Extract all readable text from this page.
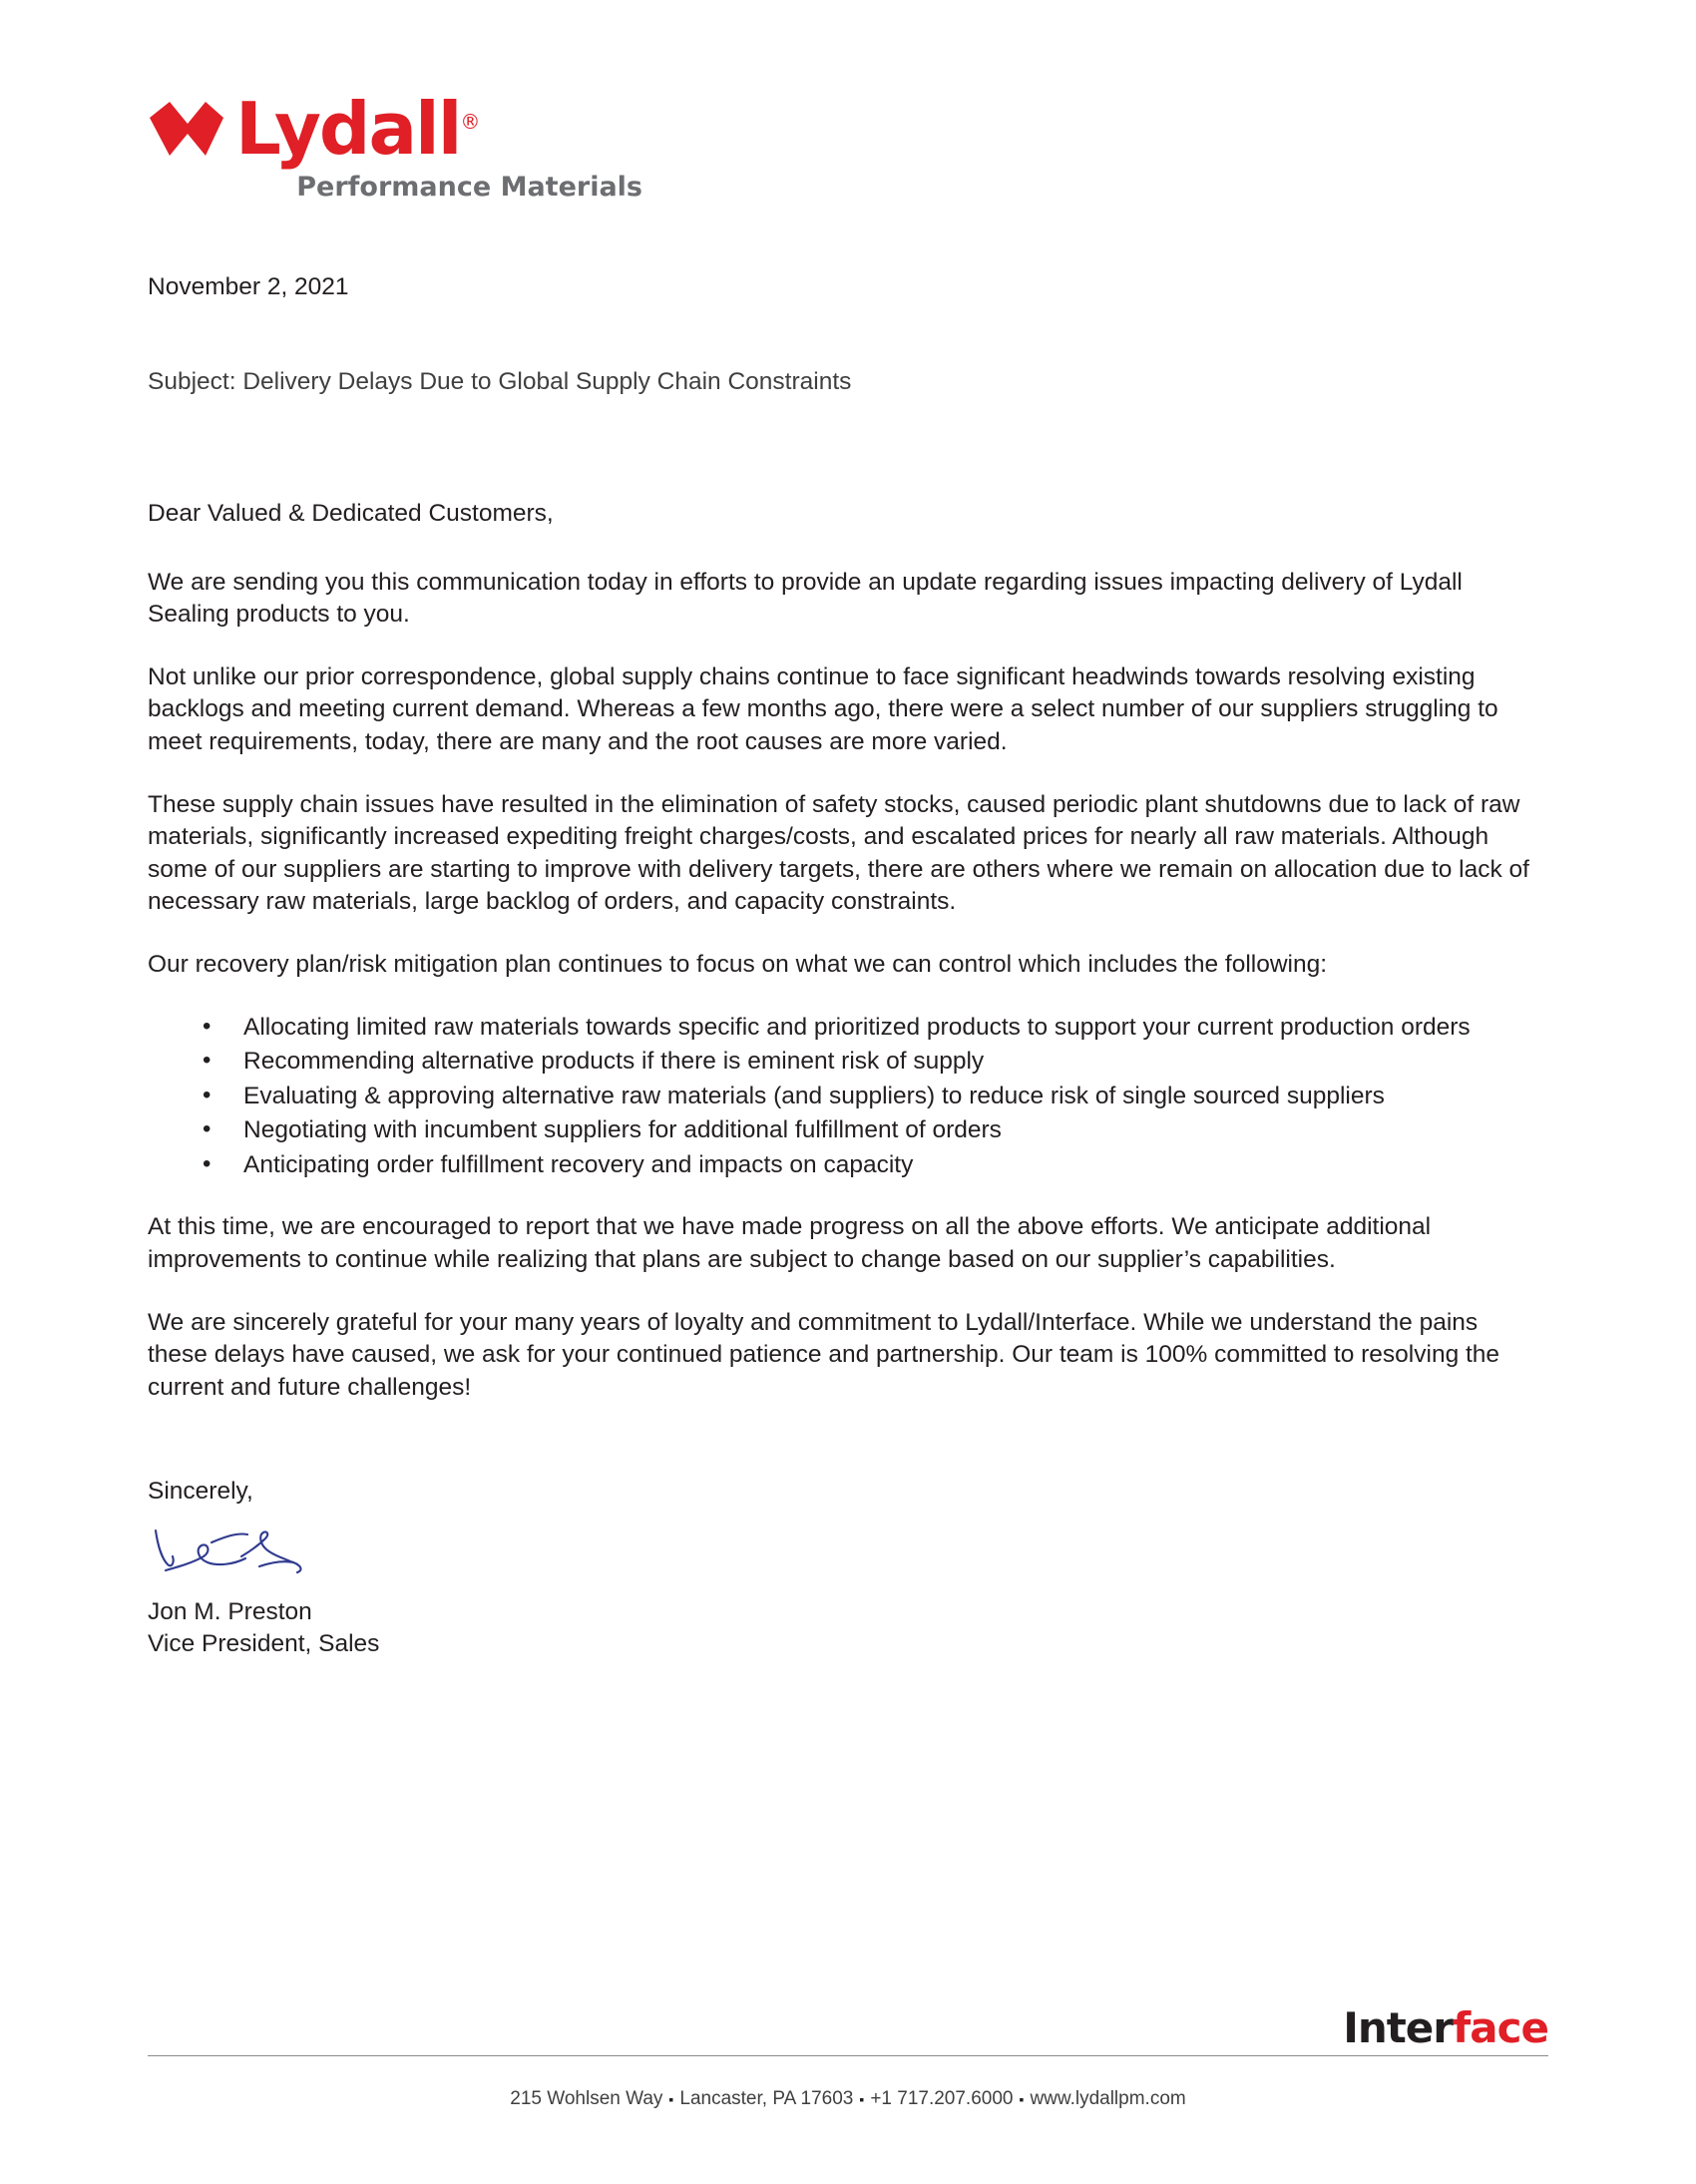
Lydall®
Performance Materials

November 2, 2021

Subject: Delivery Delays Due to Global Supply Chain Constraints

Dear Valued & Dedicated Customers,

We are sending you this communication today in efforts to provide an update regarding issues impacting delivery of Lydall Sealing products to you.

Not unlike our prior correspondence, global supply chains continue to face significant headwinds towards resolving existing backlogs and meeting current demand. Whereas a few months ago, there were a select number of our suppliers struggling to meet requirements, today, there are many and the root causes are more varied.

These supply chain issues have resulted in the elimination of safety stocks, caused periodic plant shutdowns due to lack of raw materials, significantly increased expediting freight charges/costs, and escalated prices for nearly all raw materials. Although some of our suppliers are starting to improve with delivery targets, there are others where we remain on allocation due to lack of necessary raw materials, large backlog of orders, and capacity constraints.

Our recovery plan/risk mitigation plan continues to focus on what we can control which includes the following:

• Allocating limited raw materials towards specific and prioritized products to support your current production orders
• Recommending alternative products if there is eminent risk of supply
• Evaluating & approving alternative raw materials (and suppliers) to reduce risk of single sourced suppliers
• Negotiating with incumbent suppliers for additional fulfillment of orders
• Anticipating order fulfillment recovery and impacts on capacity

At this time, we are encouraged to report that we have made progress on all the above efforts. We anticipate additional improvements to continue while realizing that plans are subject to change based on our supplier’s capabilities.

We are sincerely grateful for your many years of loyalty and commitment to Lydall/Interface. While we understand the pains these delays have caused, we ask for your continued patience and partnership. Our team is 100% committed to resolving the current and future challenges!

Sincerely,

Jon M. Preston

Vice President, Sales

Interface
215 Wohlsen Way ▪ Lancaster, PA 17603 ▪ +1 717.207.6000 ▪ www.lydallpm.com
